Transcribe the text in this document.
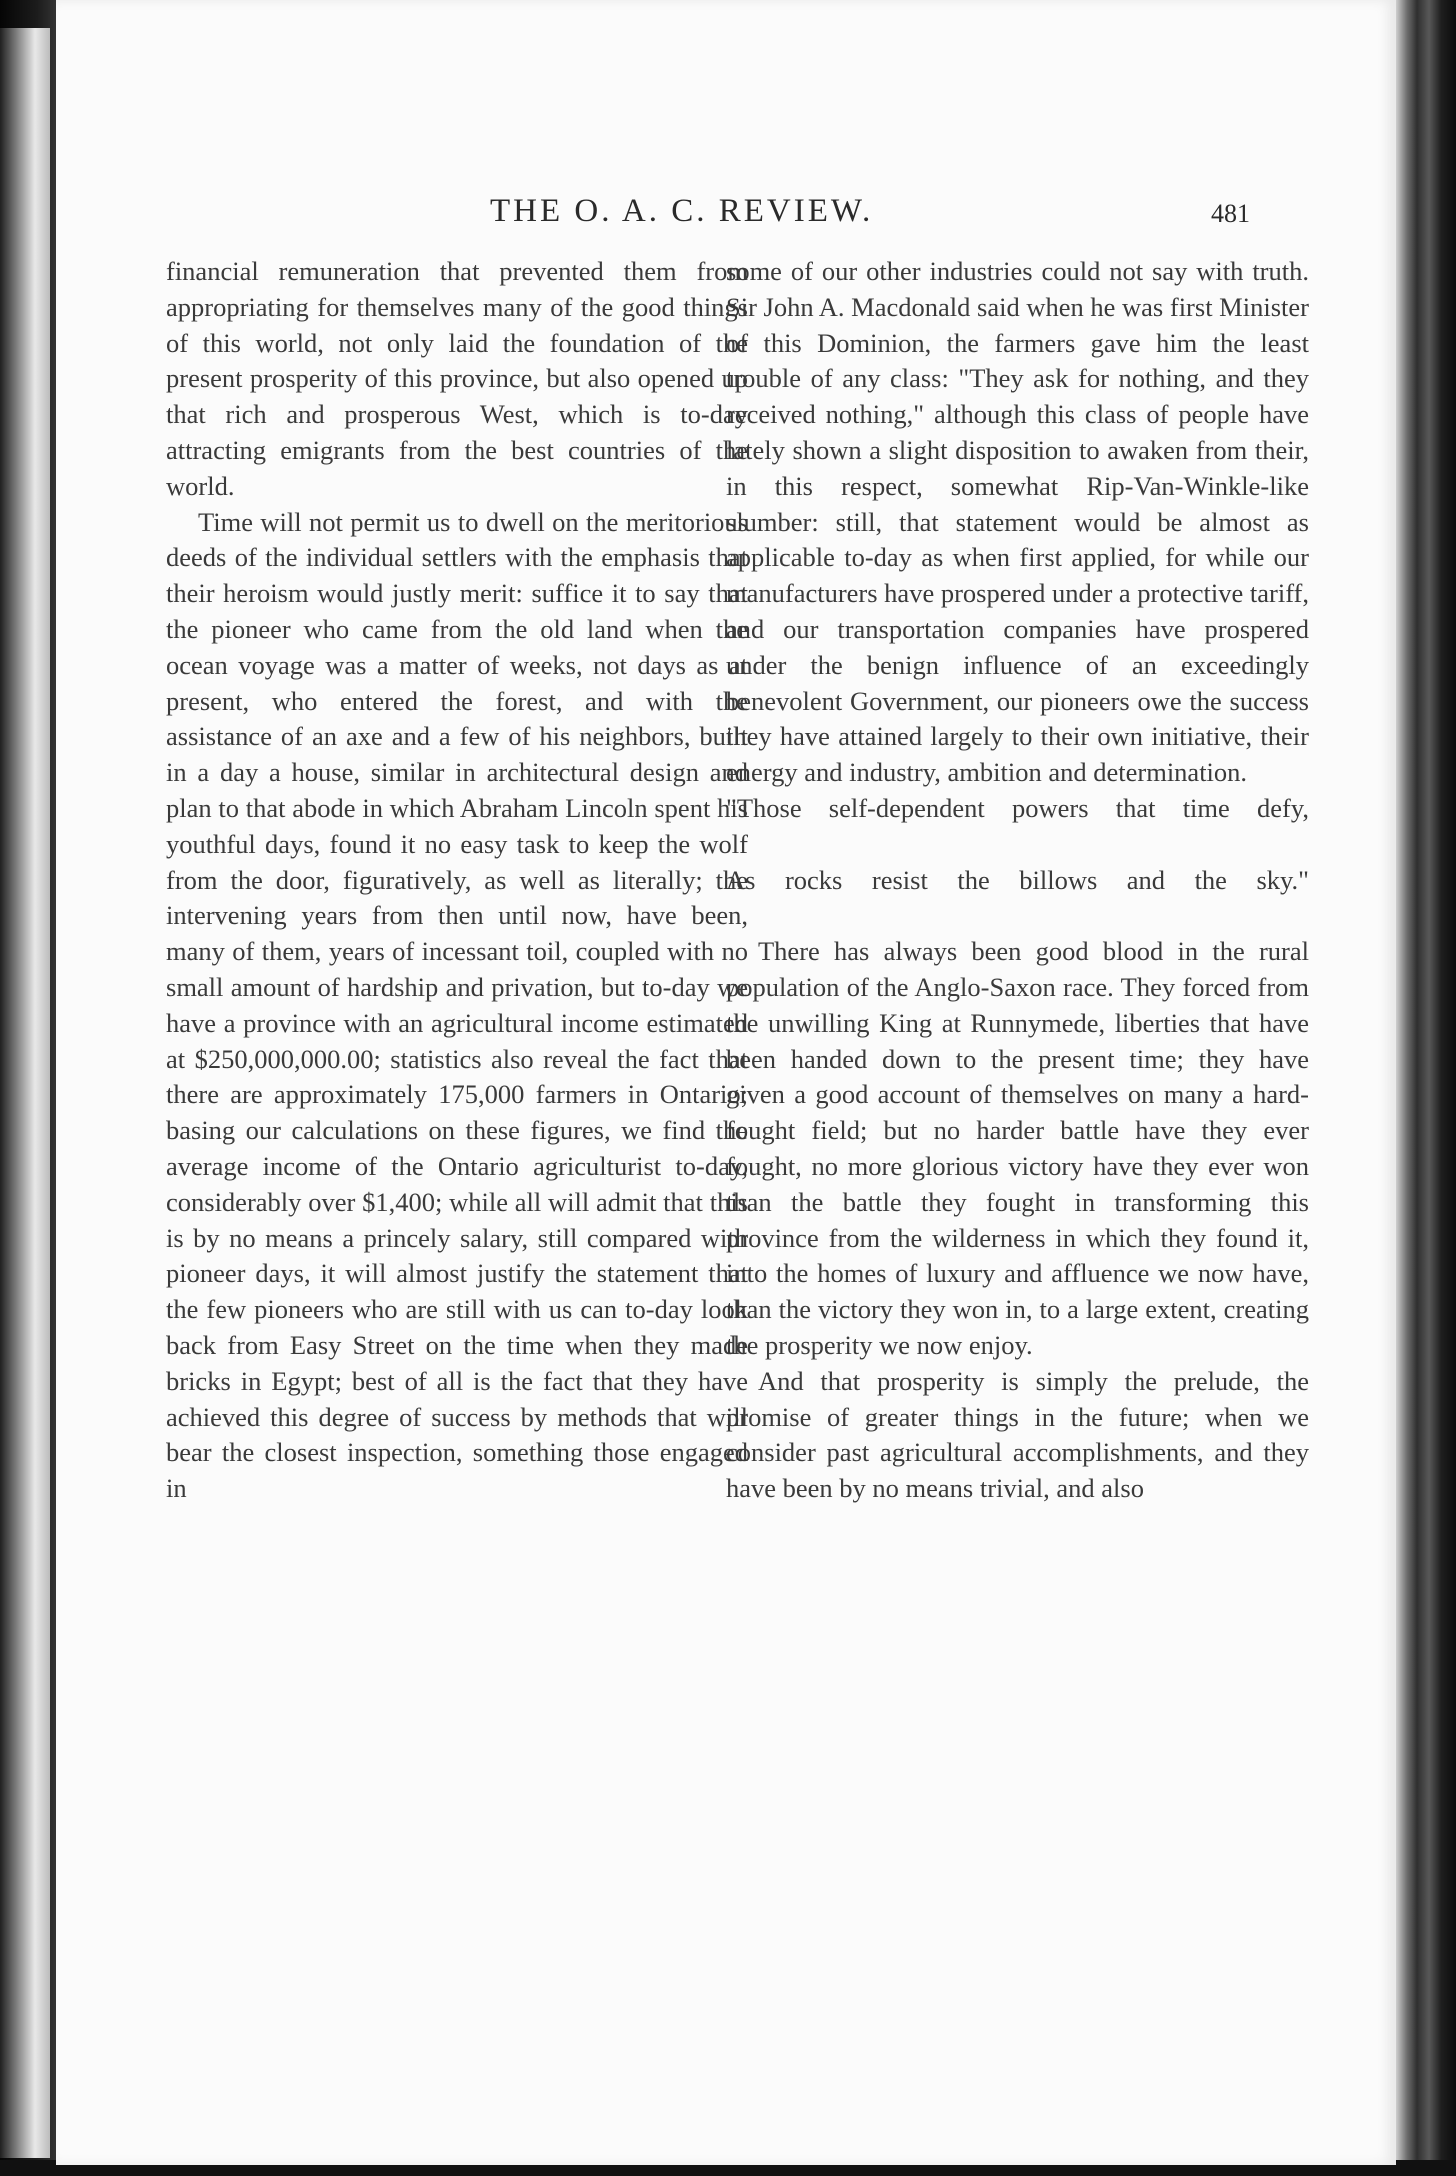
THE O. A. C. REVIEW.	481

financial remuneration that prevented them from appropriating for themselves many of the good things of this world, not only laid the foundation of the present prosperity of this province, but also opened up that rich and prosperous West, which is to-day attracting emigrants from the best countries of the world.

Time will not permit us to dwell on the meritorious deeds of the individual settlers with the emphasis that their heroism would justly merit: suffice it to say that the pioneer who came from the old land when the ocean voyage was a matter of weeks, not days as at present, who entered the forest, and with the assistance of an axe and a few of his neighbors, built in a day a house, similar in architectural design and plan to that abode in which Abraham Lincoln spent his youthful days, found it no easy task to keep the wolf from the door, figuratively, as well as literally; the intervening years from then until now, have been, many of them, years of incessant toil, coupled with no small amount of hardship and privation, but to-day we have a province with an agricultural income estimated at $250,000,000.00; statistics also reveal the fact that there are approximately 175,000 farmers in Ontario; basing our calculations on these figures, we find the average income of the Ontario agriculturist to-day, considerably over $1,400; while all will admit that this is by no means a princely salary, still compared with pioneer days, it will almost justify the statement that the few pioneers who are still with us can to-day look back from Easy Street on the time when they made bricks in Egypt; best of all is the fact that they have achieved this degree of success by methods that will bear the closest inspection, something those engaged in

some of our other industries could not say with truth. Sir John A. Macdonald said when he was first Minister of this Dominion, the farmers gave him the least trouble of any class: "They ask for nothing, and they received nothing," although this class of people have lately shown a slight disposition to awaken from their, in this respect, somewhat Rip-Van-Winkle-like slumber: still, that statement would be almost as applicable to-day as when first applied, for while our manufacturers have prospered under a protective tariff, and our transportation companies have prospered under the benign influence of an exceedingly benevolent Government, our pioneers owe the success they have attained largely to their own initiative, their energy and industry, ambition and determination.

"Those self-dependent powers that time defy,
As rocks resist the billows and the sky."

There has always been good blood in the rural population of the Anglo-Saxon race. They forced from the unwilling King at Runnymede, liberties that have been handed down to the present time; they have given a good account of themselves on many a hard-fought field; but no harder battle have they ever fought, no more glorious victory have they ever won than the battle they fought in transforming this province from the wilderness in which they found it, into the homes of luxury and affluence we now have, than the victory they won in, to a large extent, creating the prosperity we now enjoy.

And that prosperity is simply the prelude, the promise of greater things in the future; when we consider past agricultural accomplishments, and they have been by no means trivial, and also
